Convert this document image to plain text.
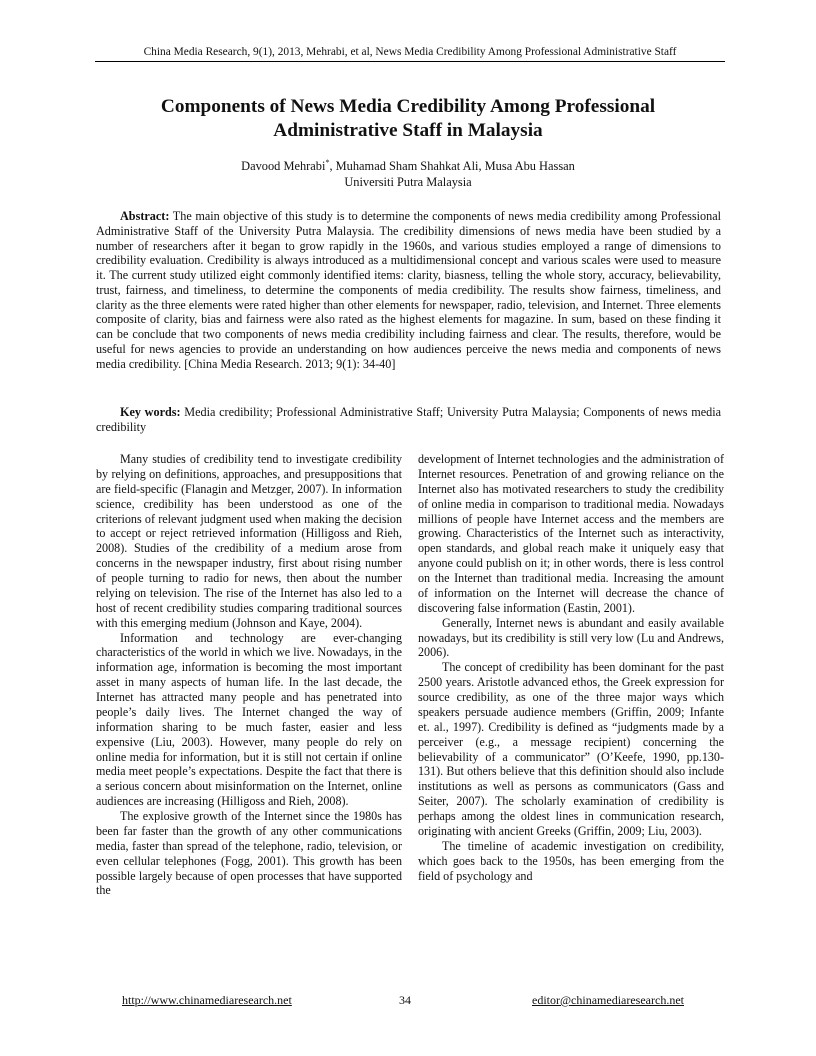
China Media Research, 9(1), 2013, Mehrabi, et al, News Media Credibility Among Professional Administrative Staff
Components of News Media Credibility Among Professional Administrative Staff in Malaysia
Davood Mehrabi*, Muhamad Sham Shahkat Ali, Musa Abu Hassan
Universiti Putra Malaysia

Abstract: The main objective of this study is to determine the components of news media credibility among Professional Administrative Staff of the University Putra Malaysia. The credibility dimensions of news media have been studied by a number of researchers after it began to grow rapidly in the 1960s, and various studies employed a range of dimensions to credibility evaluation. Credibility is always introduced as a multidimensional concept and various scales were used to measure it. The current study utilized eight commonly identified items: clarity, biasness, telling the whole story, accuracy, believability, trust, fairness, and timeliness, to determine the components of media credibility. The results show fairness, timeliness, and clarity as the three elements were rated higher than other elements for newspaper, radio, television, and Internet. Three elements composite of clarity, bias and fairness were also rated as the highest elements for magazine. In sum, based on these finding it can be conclude that two components of news media credibility including fairness and clear. The results, therefore, would be useful for news agencies to provide an understanding on how audiences perceive the news media and components of news media credibility. [China Media Research. 2013; 9(1): 34-40]

Key words: Media credibility; Professional Administrative Staff; University Putra Malaysia; Components of news media credibility

Many studies of credibility tend to investigate credibility by relying on definitions, approaches, and presuppositions that are field-specific (Flanagin and Metzger, 2007). In information science, credibility has been understood as one of the criterions of relevant judgment used when making the decision to accept or reject retrieved information (Hilligoss and Rieh, 2008). Studies of the credibility of a medium arose from concerns in the newspaper industry, first about rising number of people turning to radio for news, then about the number relying on television. The rise of the Internet has also led to a host of recent credibility studies comparing traditional sources with this emerging medium (Johnson and Kaye, 2004).

Information and technology are ever-changing characteristics of the world in which we live. Nowadays, in the information age, information is becoming the most important asset in many aspects of human life. In the last decade, the Internet has attracted many people and has penetrated into people’s daily lives. The Internet changed the way of information sharing to be much faster, easier and less expensive (Liu, 2003). However, many people do rely on online media for information, but it is still not certain if online media meet people’s expectations. Despite the fact that there is a serious concern about misinformation on the Internet, online audiences are increasing (Hilligoss and Rieh, 2008).

The explosive growth of the Internet since the 1980s has been far faster than the growth of any other communications media, faster than spread of the telephone, radio, television, or even cellular telephones (Fogg, 2001). This growth has been possible largely because of open processes that have supported the

development of Internet technologies and the administration of Internet resources. Penetration of and growing reliance on the Internet also has motivated researchers to study the credibility of online media in comparison to traditional media. Nowadays millions of people have Internet access and the members are growing. Characteristics of the Internet such as interactivity, open standards, and global reach make it uniquely easy that anyone could publish on it; in other words, there is less control on the Internet than traditional media. Increasing the amount of information on the Internet will decrease the chance of discovering false information (Eastin, 2001).

Generally, Internet news is abundant and easily available nowadays, but its credibility is still very low (Lu and Andrews, 2006).

The concept of credibility has been dominant for the past 2500 years. Aristotle advanced ethos, the Greek expression for source credibility, as one of the three major ways which speakers persuade audience members (Griffin, 2009; Infante et. al., 1997). Credibility is defined as “judgments made by a perceiver (e.g., a message recipient) concerning the believability of a communicator” (O’Keefe, 1990, pp.130-131). But others believe that this definition should also include institutions as well as persons as communicators (Gass and Seiter, 2007). The scholarly examination of credibility is perhaps among the oldest lines in communication research, originating with ancient Greeks (Griffin, 2009; Liu, 2003).

The timeline of academic investigation on credibility, which goes back to the 1950s, has been emerging from the field of psychology and

http://www.chinamediaresearch.net	34	editor@chinamediaresearch.net
